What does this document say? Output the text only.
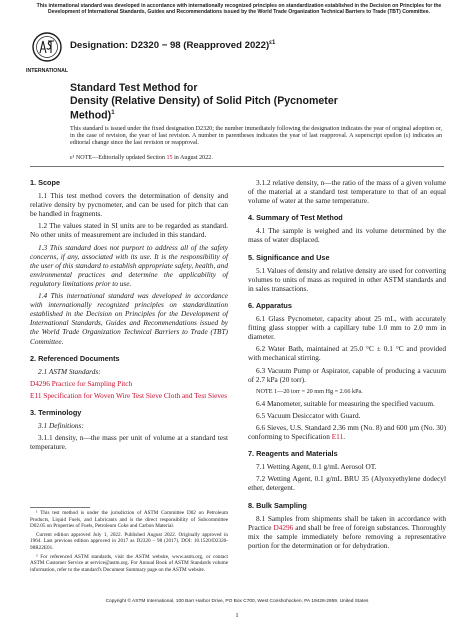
This international standard was developed in accordance with internationally recognized principles on standardization established in the Decision on Principles for the Development of International Standards, Guides and Recommendations issued by the World Trade Organization Technical Barriers to Trade (TBT) Committee.
INTERNATIONAL
Designation: D2320 − 98 (Reapproved 2022)$^{\varepsilon 1}$
Standard Test Method for
Density (Relative Density) of Solid Pitch (Pycnometer Method)$^1$
This standard is issued under the fixed designation D2320; the number immediately following the designation indicates the year of original adoption or, in the case of revision, the year of last revision. A number in parentheses indicates the year of last reapproval. A superscript epsilon (ε) indicates an editorial change since the last revision or reapproval.
ε¹ NOTE—Editorially updated Section 15 in August 2022.
1. Scope

1.1 This test method covers the determination of density and relative density by pycnometer, and can be used for pitch that can be handled in fragments.

1.2 The values stated in SI units are to be regarded as standard. No other units of measurement are included in this standard.

1.3 This standard does not purport to address all of the safety concerns, if any, associated with its use. It is the responsibility of the user of this standard to establish appropriate safety, health, and environmental practices and determine the applicability of regulatory limitations prior to use.

1.4 This international standard was developed in accordance with internationally recognized principles on standardization established in the Decision on Principles for the Development of International Standards, Guides and Recommendations issued by the World Trade Organization Technical Barriers to Trade (TBT) Committee.

2. Referenced Documents

2.1 ASTM Standards:

D4296 Practice for Sampling Pitch

E11 Specification for Woven Wire Test Sieve Cloth and Test Sieves

3. Terminology

3.1 Definitions:

3.1.1 density, n—the mass per unit of volume at a standard test temperature.

¹ This test method is under the jurisdiction of ASTM Committee D02 on Petroleum Products, Liquid Fuels, and Lubricants and is the direct responsibility of Subcommittee D02.05 on Properties of Fuels, Petroleum Coke and Carbon Material.

Current edition approved July 1, 2022. Published August 2022. Originally approved in 1964. Last previous edition approved in 2017 as D2320 – 98 (2017). DOI: 10.1520/D2320-98R22E01.

² For referenced ASTM standards, visit the ASTM website, www.astm.org, or contact ASTM Customer Service at service@astm.org. For Annual Book of ASTM Standards volume information, refer to the standard's Document Summary page on the ASTM website.

3.1.2 relative density, n—the ratio of the mass of a given volume of the material at a standard test temperature to that of an equal volume of water at the same temperature.

4. Summary of Test Method

4.1 The sample is weighed and its volume determined by the mass of water displaced.

5. Significance and Use

5.1 Values of density and relative density are used for converting volumes to units of mass as required in other ASTM standards and in sales transactions.

6. Apparatus

6.1 Glass Pycnometer, capacity about 25 mL, with accurately fitting glass stopper with a capillary tube 1.0 mm to 2.0 mm in diameter.

6.2 Water Bath, maintained at 25.0 °C ± 0.1 °C and provided with mechanical stirring.

6.3 Vacuum Pump or Aspirator, capable of producing a vacuum of 2.7 kPa (20 torr).

NOTE 1—20 torr = 20 mm Hg = 2.66 kPa.

6.4 Manometer, suitable for measuring the specified vacuum.

6.5 Vacuum Desiccator with Guard.

6.6 Sieves, U.S. Standard 2.36 mm (No. 8) and 600 µm (No. 30) conforming to Specification E11.

7. Reagents and Materials

7.1 Wetting Agent, 0.1 g/mL Aerosol OT.

7.2 Wetting Agent, 0.1 g/mL BRU 35 (Alyoxyethylene dodecyl ether, detergent.

8. Bulk Sampling

8.1 Samples from shipments shall be taken in accordance with Practice D4296 and shall be free of foreign substances. Thoroughly mix the sample immediately before removing a representative portion for the determination or for dehydration.

Copyright © ASTM International, 100 Barr Harbor Drive, PO Box C700, West Conshohocken, PA 19428-2959. United States
1
